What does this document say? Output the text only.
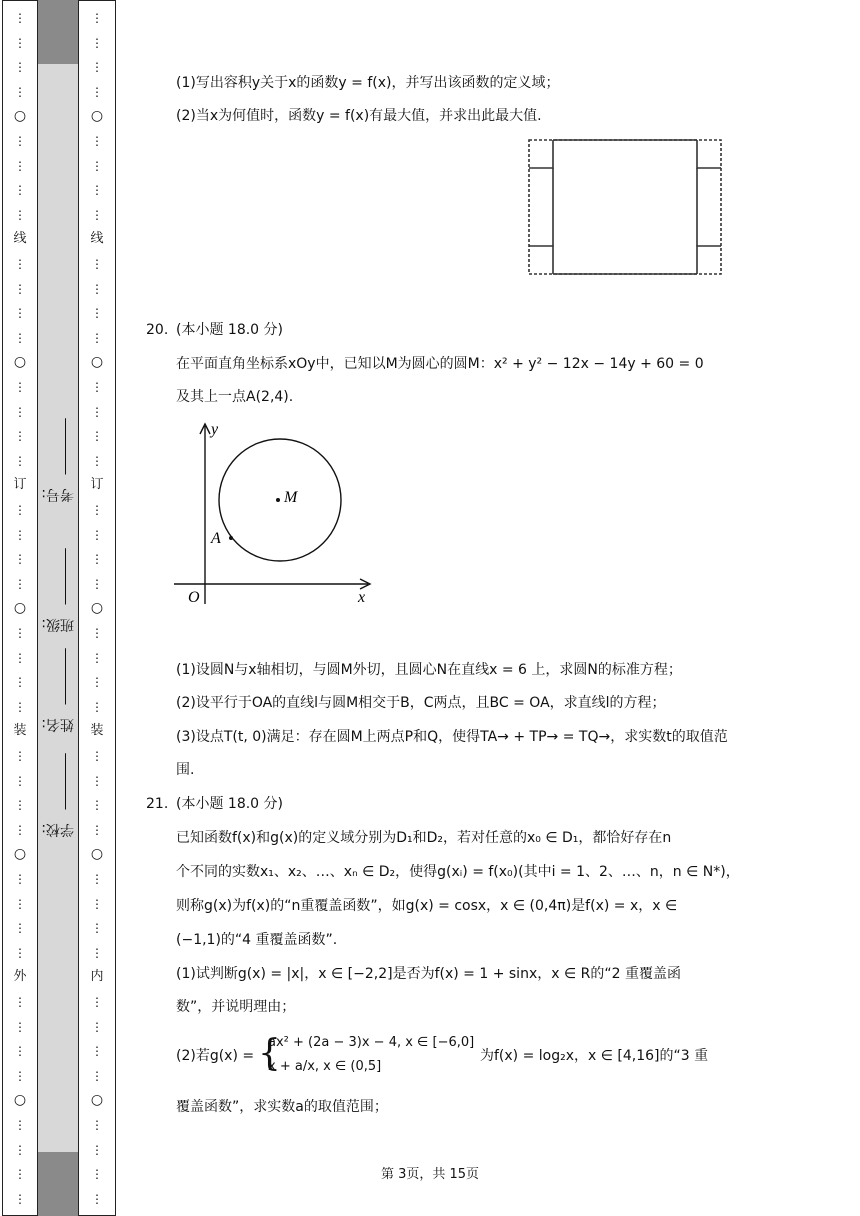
⋮
⋮
⋮
⋮
○
⋮
⋮
⋮
⋮
线
⋮
⋮
⋮
⋮
○
⋮
⋮
⋮
⋮
订
⋮
⋮
⋮
⋮
○
⋮
⋮
⋮
⋮
装
⋮
⋮
⋮
⋮
○
⋮
⋮
⋮
⋮
外
⋮
⋮
⋮
⋮
○
⋮
⋮
⋮
⋮
⋮
⋮
⋮
⋮
○
⋮
⋮
⋮
⋮
线
⋮
⋮
⋮
⋮
○
⋮
⋮
⋮
⋮
订
⋮
⋮
⋮
⋮
○
⋮
⋮
⋮
⋮
装
⋮
⋮
⋮
⋮
○
⋮
⋮
⋮
⋮
内
⋮
⋮
⋮
⋮
○
⋮
⋮
⋮
⋮
学校: ________
姓名: ________
班级: ________
考号: ________
(1)写出容积y关于x的函数y = f(x)，并写出该函数的定义域；
(2)当x为何值时，函数y = f(x)有最大值，并求出此最大值.
20. (本小题 18.0 分)
在平面直角坐标系xOy中，已知以M为圆心的圆M：x² + y² − 12x − 14y + 60 = 0
及其上一点A(2,4).
y
x
O
M
A
(1)设圆N与x轴相切，与圆M外切，且圆心N在直线x = 6 上，求圆N的标准方程；
(2)设平行于OA的直线l与圆M相交于B，C两点，且BC = OA，求直线l的方程；
(3)设点T(t, 0)满足：存在圆M上两点P和Q，使得TA→ + TP→ = TQ→，求实数t的取值范
围.
21. (本小题 18.0 分)
已知函数f(x)和g(x)的定义域分别为D₁和D₂，若对任意的x₀ ∈ D₁，都恰好存在n
个不同的实数x₁、x₂、…、xₙ ∈ D₂，使得g(xᵢ) = f(x₀)(其中i = 1、2、…、n，n ∈ N*)，
则称g(x)为f(x)的“n重覆盖函数”，如g(x) = cosx，x ∈ (0,4π)是f(x) = x，x ∈
(−1,1)的“4 重覆盖函数”.
(1)试判断g(x) = |x|，x ∈ [−2,2]是否为f(x) = 1 + sinx，x ∈ R的“2 重覆盖函
数”，并说明理由；
(2)若g(x) = {
ax² + (2a − 3)x − 4, x ∈ [−6,0]
x + a/x, x ∈ (0,5]
为f(x) = log₂x，x ∈ [4,16]的“3 重
覆盖函数”，求实数a的取值范围；
第 3页，共 15页
